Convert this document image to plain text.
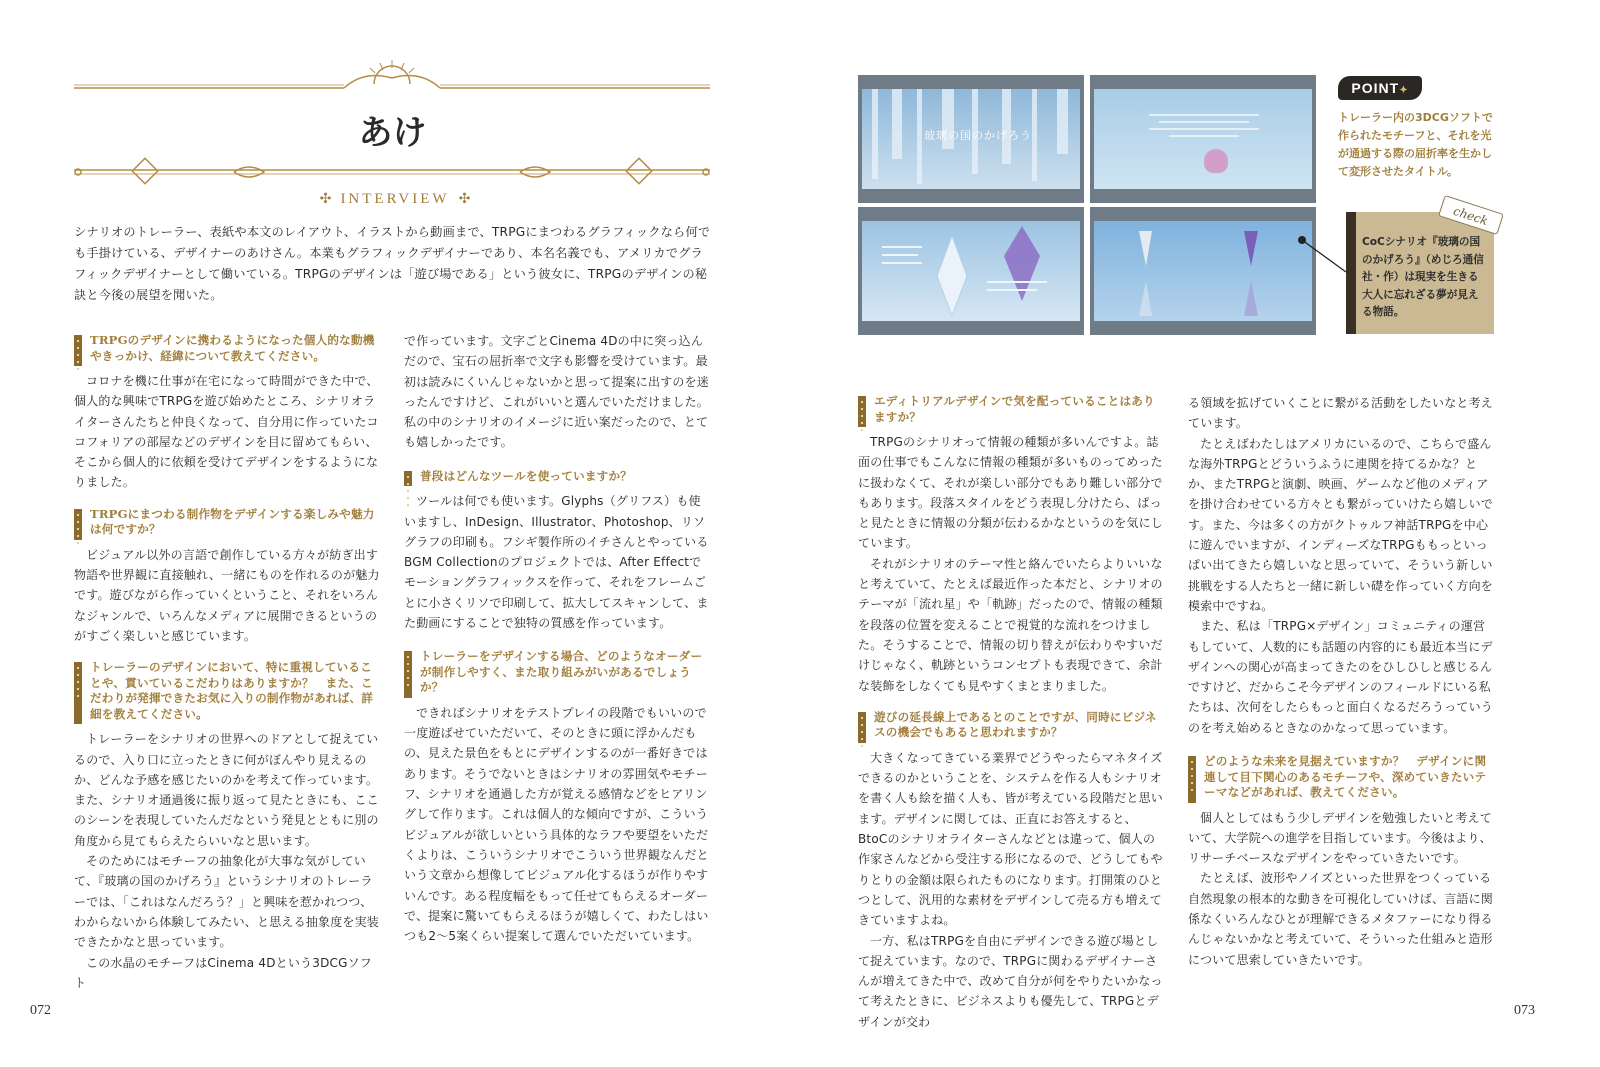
あけ
✣ INTERVIEW ✣

シナリオのトレーラー、表紙や本文のレイアウト、イラストから動画まで、TRPGにまつわるグラフィックなら何でも手掛けている、デザイナーのあけさん。本業もグラフィックデザイナーであり、本名名義でも、アメリカでグラフィックデザイナーとして働いている。TRPGのデザインは「遊び場である」という彼女に、TRPGのデザインの秘訣と今後の展望を聞いた。

TRPGのデザインに携わるようになった個人的な動機やきっかけ、経緯について教えてください。

コロナを機に仕事が在宅になって時間ができた中で、個人的な興味でTRPGを遊び始めたところ、シナリオライターさんたちと仲良くなって、自分用に作っていたココフォリアの部屋などのデザインを目に留めてもらい、そこから個人的に依頼を受けてデザインをするようになりました。

TRPGにまつわる制作物をデザインする楽しみや魅力は何ですか？

ビジュアル以外の言語で創作している方々が紡ぎ出す物語や世界観に直接触れ、一緒にものを作れるのが魅力です。遊びながら作っていくということ、それをいろんなジャンルで、いろんなメディアに展開できるというのがすごく楽しいと感じています。

トレーラーのデザインにおいて、特に重視していることや、貫いているこだわりはありますか？　また、こだわりが発揮できたお気に入りの制作物があれば、詳細を教えてください。

トレーラーをシナリオの世界へのドアとして捉えているので、入り口に立ったときに何がぼんやり見えるのか、どんな予感を感じたいのかを考えて作っています。また、シナリオ通過後に振り返って見たときにも、ここのシーンを表現していたんだなという発見とともに別の角度から見てもらえたらいいなと思います。

そのためにはモチーフの抽象化が大事な気がしていて、『玻璃の国のかげろう』というシナリオのトレーラーでは、「これはなんだろう？」と興味を惹かれつつ、わからないから体験してみたい、と思える抽象度を実装できたかなと思っています。

この水晶のモチーフはCinema 4Dという3DCGソフト

で作っています。文字ごとCinema 4Dの中に突っ込んだので、宝石の屈折率で文字も影響を受けています。最初は読みにくいんじゃないかと思って提案に出すのを迷ったんですけど、これがいいと選んでいただけました。私の中のシナリオのイメージに近い案だったので、とても嬉しかったです。

普段はどんなツールを使っていますか？

ツールは何でも使います。Glyphs（グリフス）も使いますし、InDesign、Illustrator、Photoshop、リソグラフの印刷も。フシギ製作所のイチさんとやっているBGM Collectionのプロジェクトでは、After Effectでモーショングラフィックスを作って、それをフレームごとに小さくリソで印刷して、拡大してスキャンして、また動画にすることで独特の質感を作っています。

トレーラーをデザインする場合、どのようなオーダーが制作しやすく、また取り組みがいがあるでしょうか？

できればシナリオをテストプレイの段階でもいいので一度遊ばせていただいて、そのときに頭に浮かんだもの、見えた景色をもとにデザインするのが一番好きではあります。そうでないときはシナリオの雰囲気やモチーフ、シナリオを通過した方が覚える感情などをヒアリングして作ります。これは個人的な傾向ですが、こういうビジュアルが欲しいという具体的なラフや要望をいただくよりは、こういうシナリオでこういう世界観なんだという文章から想像してビジュアル化するほうが作りやすいんです。ある程度幅をもって任せてもらえるオーダーで、提案に驚いてもらえるほうが嬉しくて、わたしはいつも2〜5案くらい提案して選んでいただいています。

072
玻璃の国のかげろう
POINT✦

トレーラー内の3DCGソフトで作られたモチーフと、それを光が通過する際の屈折率を生かして変形させたタイトル。

CoCシナリオ『玻璃の国のかげろう』（めじろ通信社・作）は現実を生きる大人に忘れざる夢が見える物語。

check
エディトリアルデザインで気を配っていることはありますか？

TRPGのシナリオって情報の種類が多いんですよ。誌面の仕事でもこんなに情報の種類が多いものってめったに扱わなくて、それが楽しい部分でもあり難しい部分でもあります。段落スタイルをどう表現し分けたら、ぱっと見たときに情報の分類が伝わるかなというのを気にしています。

それがシナリオのテーマ性と絡んでいたらよりいいなと考えていて、たとえば最近作った本だと、シナリオのテーマが「流れ星」や「軌跡」だったので、情報の種類を段落の位置を変えることで視覚的な流れをつけました。そうすることで、情報の切り替えが伝わりやすいだけじゃなく、軌跡というコンセプトも表現できて、余計な装飾をしなくても見やすくまとまりました。

遊びの延長線上であるとのことですが、同時にビジネスの機会でもあると思われますか？

大きくなってきている業界でどうやったらマネタイズできるのかということを、システムを作る人もシナリオを書く人も絵を描く人も、皆が考えている段階だと思います。デザインに関しては、正直にお答えすると、BtoCのシナリオライターさんなどとは違って、個人の作家さんなどから受注する形になるので、どうしてもやりとりの金額は限られたものになります。打開策のひとつとして、汎用的な素材をデザインして売る方も増えてきていますよね。

一方、私はTRPGを自由にデザインできる遊び場として捉えています。なので、TRPGに関わるデザイナーさんが増えてきた中で、改めて自分が何をやりたいかなって考えたときに、ビジネスよりも優先して、TRPGとデザインが交わ

る領域を拡げていくことに繋がる活動をしたいなと考えています。

たとえばわたしはアメリカにいるので、こちらで盛んな海外TRPGとどういうふうに連関を持てるかな？とか、またTRPGと演劇、映画、ゲームなど他のメディアを掛け合わせている方々とも繋がっていけたら嬉しいです。また、今は多くの方がクトゥルフ神話TRPGを中心に遊んでいますが、インディーズなTRPGももっといっぱい出てきたら嬉しいなと思っていて、そういう新しい挑戦をする人たちと一緒に新しい礎を作っていく方向を模索中ですね。

また、私は「TRPG×デザイン」コミュニティの運営もしていて、人数的にも話題の内容的にも最近本当にデザインへの関心が高まってきたのをひしひしと感じるんですけど、だからこそ今デザインのフィールドにいる私たちは、次何をしたらもっと面白くなるだろうっていうのを考え始めるときなのかなって思っています。

どのような未来を見据えていますか？　デザインに関連して目下関心のあるモチーフや、深めていきたいテーマなどがあれば、教えてください。

個人としてはもう少しデザインを勉強したいと考えていて、大学院への進学を目指しています。今後はより、リサーチベースなデザインをやっていきたいです。

たとえば、波形やノイズといった世界をつくっている自然現象の根本的な動きを可視化していけば、言語に関係なくいろんなひとが理解できるメタファーになり得るんじゃないかなと考えていて、そういった仕組みと造形について思索していきたいです。

073
